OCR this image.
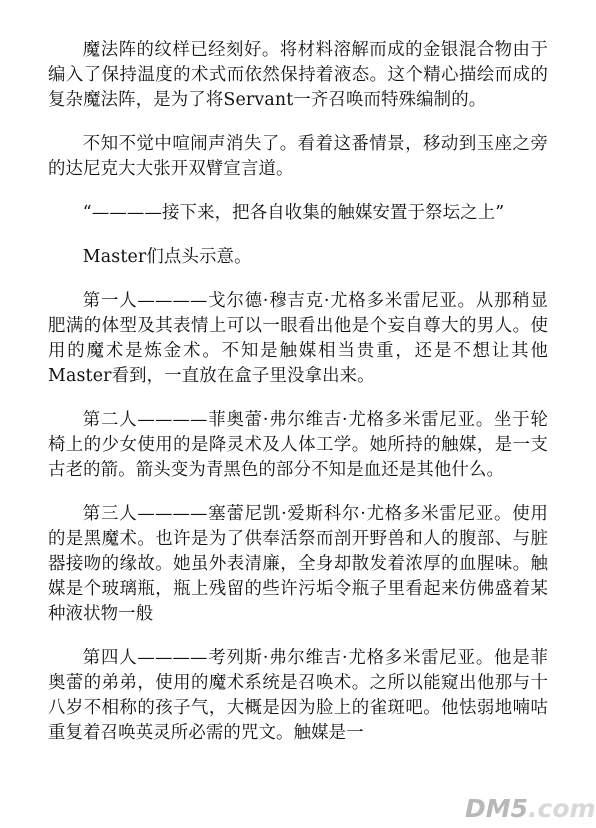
魔法阵的纹样已经刻好。将材料溶解而成的金银混合物由于编入了保持温度的术式而依然保持着液态。这个精心描绘而成的复杂魔法阵，是为了将Servant一齐召唤而特殊编制的。

不知不觉中喧闹声消失了。看着这番情景，移动到玉座之旁的达尼克大大张开双臂宣言道。

“————接下来，把各自收集的触媒安置于祭坛之上”

Master们点头示意。

第一人————戈尔德·穆吉克·尤格多米雷尼亚。从那稍显肥满的体型及其表情上可以一眼看出他是个妄自尊大的男人。使用的魔术是炼金术。不知是触媒相当贵重，还是不想让其他Master看到，一直放在盒子里没拿出来。

第二人————菲奥蕾·弗尔维吉·尤格多米雷尼亚。坐于轮椅上的少女使用的是降灵术及人体工学。她所持的触媒，是一支古老的箭。箭头变为青黑色的部分不知是血还是其他什么。

第三人————塞蕾尼凯·爱斯科尔·尤格多米雷尼亚。使用的是黑魔术。也许是为了供奉活祭而剖开野兽和人的腹部、与脏器接吻的缘故。她虽外表清廉，全身却散发着浓厚的血腥味。触媒是个玻璃瓶，瓶上残留的些许污垢令瓶子里看起来仿佛盛着某种液状物一般

第四人————考列斯·弗尔维吉·尤格多米雷尼亚。他是菲奥蕾的弟弟，使用的魔术系统是召唤术。之所以能窥出他那与十八岁不相称的孩子气，大概是因为脸上的雀斑吧。他怯弱地喃咕重复着召唤英灵所必需的咒文。触媒是一

DM5.com
